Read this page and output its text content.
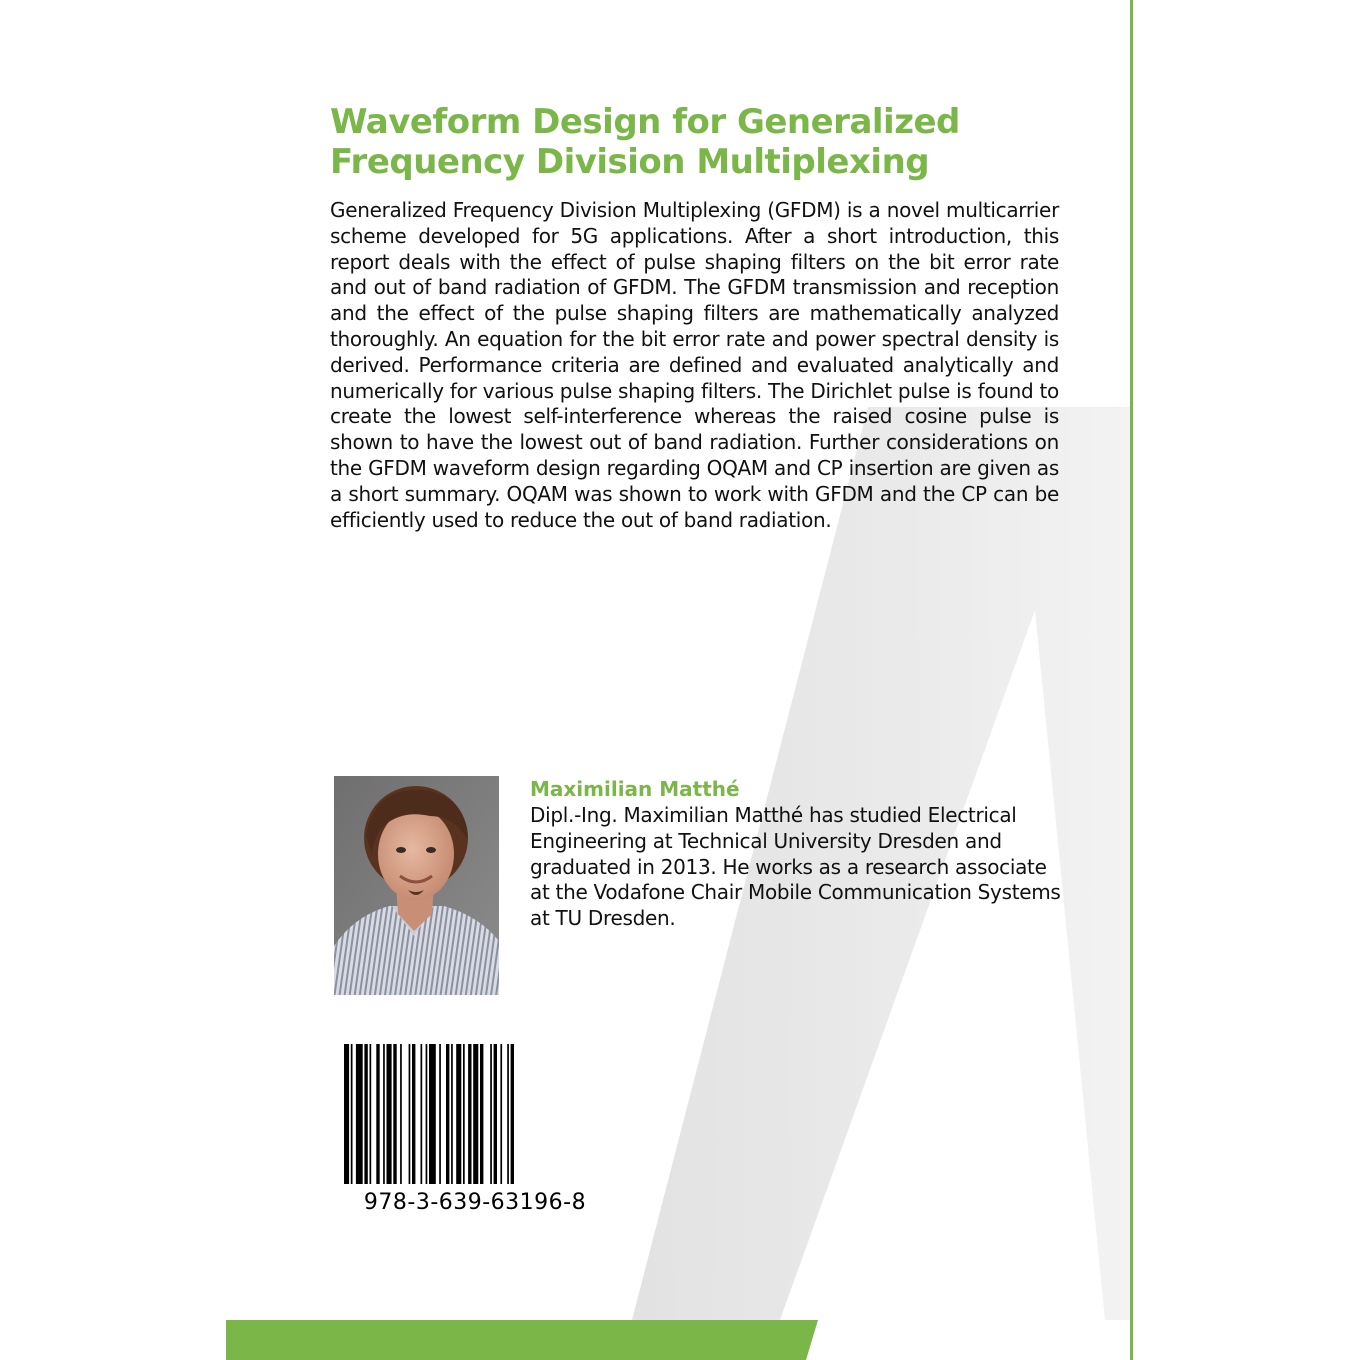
Waveform Design for Generalized Frequency Division Multiplexing

Generalized Frequency Division Multiplexing (GFDM) is a novel multicarrier scheme developed for 5G applications. After a short introduction, this report deals with the effect of pulse shaping filters on the bit error rate and out of band radiation of GFDM. The GFDM transmission and reception and the effect of the pulse shaping filters are mathematically analyzed thoroughly. An equation for the bit error rate and power spectral density is derived. Performance criteria are defined and evaluated analytically and numerically for various pulse shaping filters. The Dirichlet pulse is found to create the lowest self-interference whereas the raised cosine pulse is shown to have the lowest out of band radiation. Further considerations on the GFDM waveform design regarding OQAM and CP insertion are given as a short summary. OQAM was shown to work with GFDM and the CP can be efficiently used to reduce the out of band radiation.

Maximilian Matthé

Dipl.-Ing. Maximilian Matthé has studied Electrical Engineering at Technical University Dresden and graduated in 2013. He works as a research associate at the Vodafone Chair Mobile Communication Systems at TU Dresden.

978-3-639-63196-8
